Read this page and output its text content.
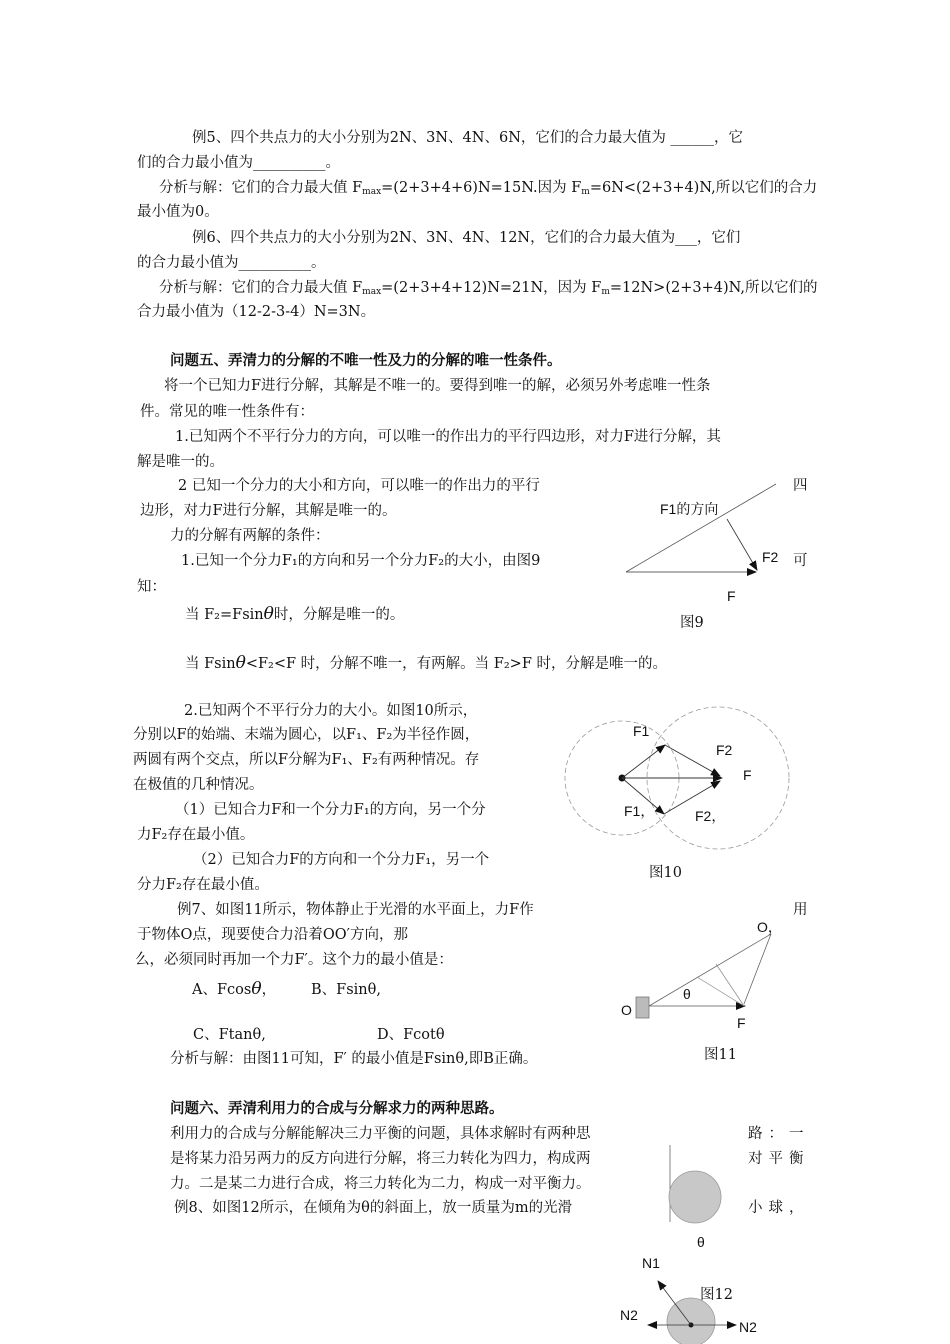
例5、四个共点力的大小分别为2N、3N、4N、6N，它们的合力最大值为 ______，它
们的合力最小值为__________。
分析与解：它们的合力最大值 $F_{max}=(2+3+4+6)N=15N$.因为 $F_m=6N<(2+3+4)N$,所以它们的合力
最小值为0。
例6、四个共点力的大小分别为2N、3N、4N、12N，它们的合力最大值为___，它们
的合力最小值为__________。
分析与解：它们的合力最大值 $F_{max}=(2+3+4+12)N=21N$，因为 $F_m=12N>(2+3+4)N$,所以它们的
合力最小值为（12-2-3-4）N=3N。
问题五、弄清力的分解的不唯一性及力的分解的唯一性条件。
将一个已知力F进行分解，其解是不唯一的。要得到唯一的解，必须另外考虑唯一性条
件。常见的唯一性条件有：
1.已知两个不平行分力的方向，可以唯一的作出力的平行四边形，对力F进行分解，其
解是唯一的。
2 已知一个分力的大小和方向，可以唯一的作出力的平行	四
边形，对力F进行分解，其解是唯一的。
力的分解有两解的条件：
1.已知一个分力F₁的方向和另一个分力F₂的大小，由图9	可
知：
当 F₂=Fsinθ时，分解是唯一的。
当 Fsinθ<F₂<F 时，分解不唯一，有两解。当 F₂>F 时，分解是唯一的。
2.已知两个不平行分力的大小。如图10所示，
分别以F的始端、末端为圆心，以F₁、F₂为半径作圆，
两圆有两个交点，所以F分解为F₁、F₂有两种情况。存
在极值的几种情况。
（1）已知合力F和一个分力F₁的方向，另一个分
力F₂存在最小值。
（2）已知合力F的方向和一个分力F₁，另一个
分力F₂存在最小值。
例7、如图11所示，物体静止于光滑的水平面上，力F作	用
于物体O点，现要使合力沿着OO′方向，那
么，必须同时再加一个力F′。这个力的最小值是：
A、Fcosθ， B、Fsinθ,
C、Ftanθ,	D、Fcotθ
分析与解：由图11可知，F′ 的最小值是Fsinθ,即B正确。
问题六、弄清利用力的合成与分解求力的两种思路。
利用力的合成与分解能解决三力平衡的问题，具体求解时有两种思	路：一
是将某力沿另两力的反方向进行分解，将三力转化为四力，构成两	对平衡
力。二是某二力进行合成，将三力转化为二力，构成一对平衡力。
例8、如图12所示，在倾角为θ的斜面上，放一质量为m的光滑	小球，
F1的方向
F2
F
图9
F1
F2
F
F1，	F2，
图10
O，
θ
O
F
图11
θ
N1
图12
N2
N2
